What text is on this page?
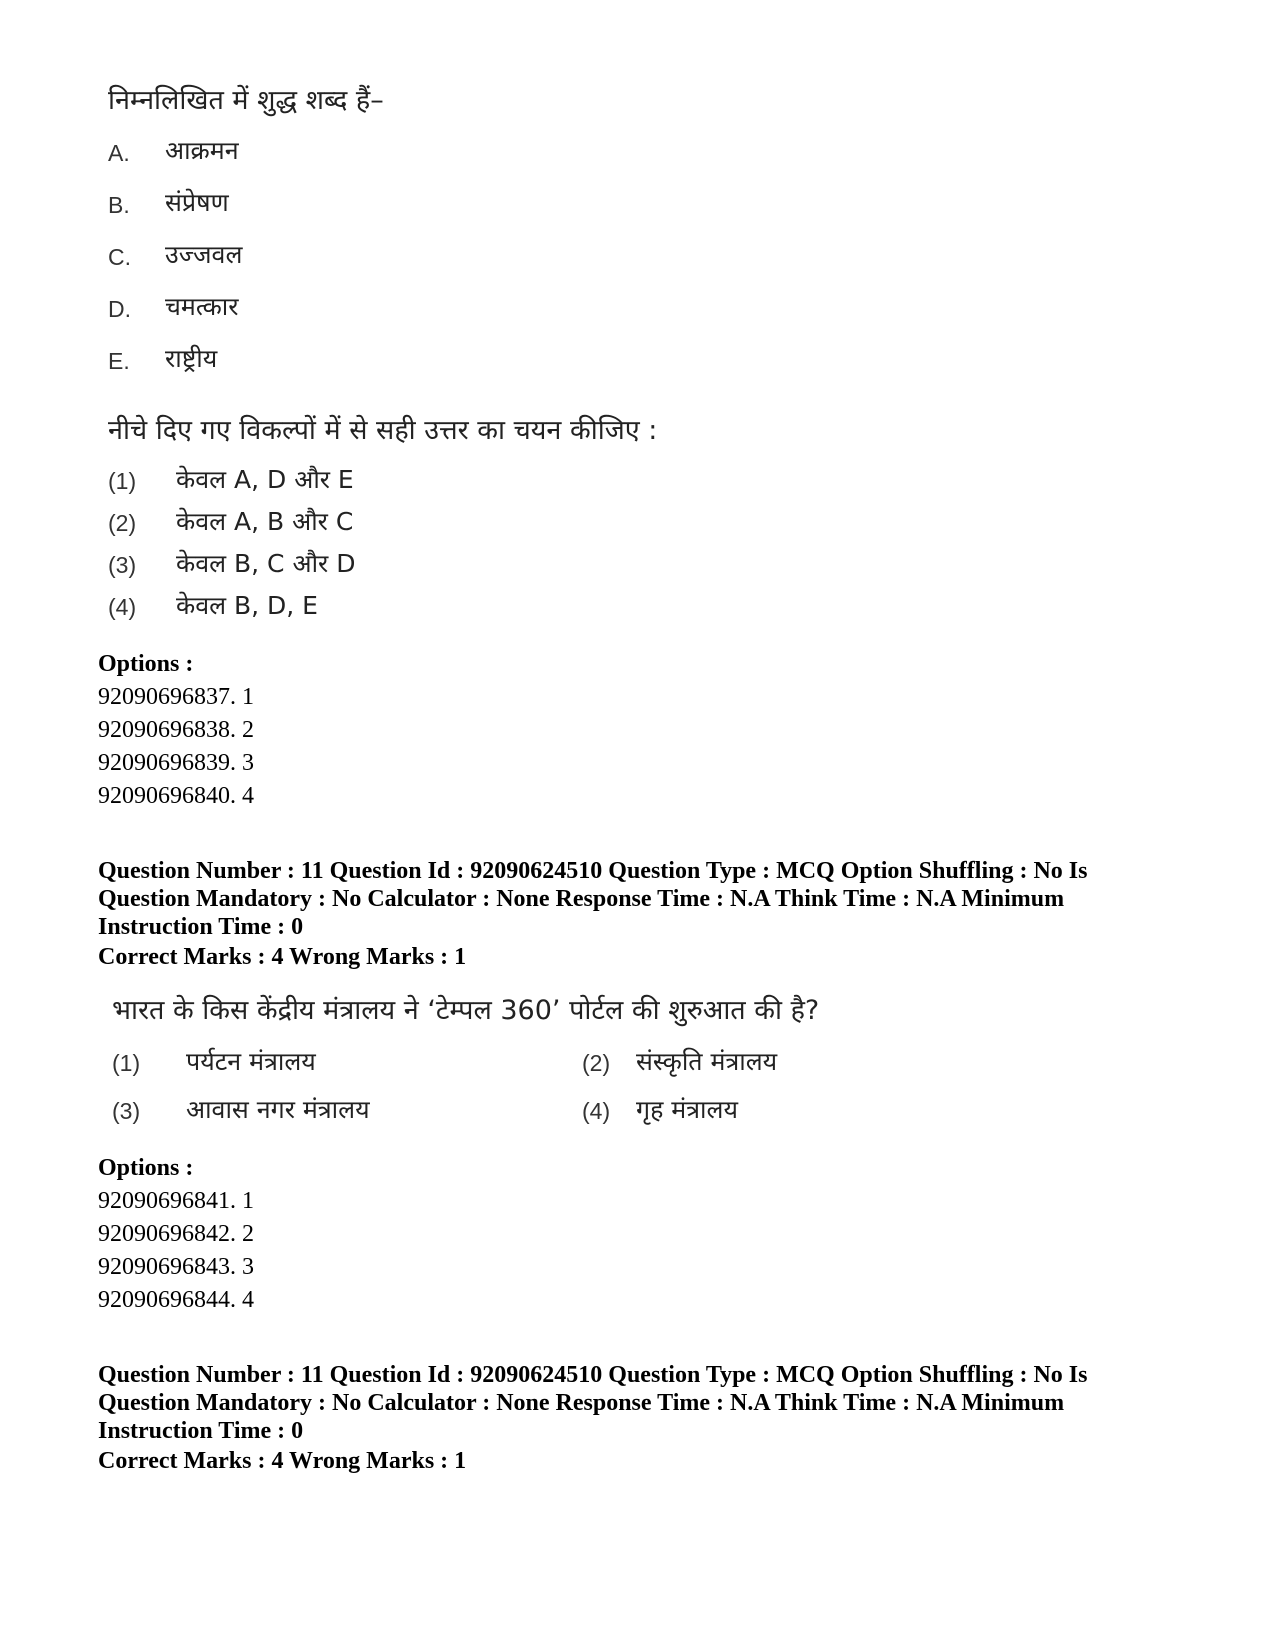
निम्नलिखित में शुद्ध शब्द हैं–
A. आक्रमन
B. संप्रेषण
C. उज्जवल
D. चमत्कार
E. राष्ट्रीय
नीचे दिए गए विकल्पों में से सही उत्तर का चयन कीजिए :
(1) केवल A, D और E
(2) केवल A, B और C
(3) केवल B, C और D
(4) केवल B, D, E
Options :
92090696837. 1
92090696838. 2
92090696839. 3
92090696840. 4
Question Number : 11 Question Id : 92090624510 Question Type : MCQ Option Shuffling : No Is Question Mandatory : No Calculator : None Response Time : N.A Think Time : N.A Minimum Instruction Time : 0
Correct Marks : 4 Wrong Marks : 1
भारत के किस केंद्रीय मंत्रालय ने ‘टेम्पल 360’ पोर्टल की शुरुआत की है?
(1) पर्यटन मंत्रालय	(2) संस्कृति मंत्रालय
(3) आवास नगर मंत्रालय	(4) गृह मंत्रालय
Options :
92090696841. 1
92090696842. 2
92090696843. 3
92090696844. 4
Question Number : 11 Question Id : 92090624510 Question Type : MCQ Option Shuffling : No Is Question Mandatory : No Calculator : None Response Time : N.A Think Time : N.A Minimum Instruction Time : 0
Correct Marks : 4 Wrong Marks : 1
